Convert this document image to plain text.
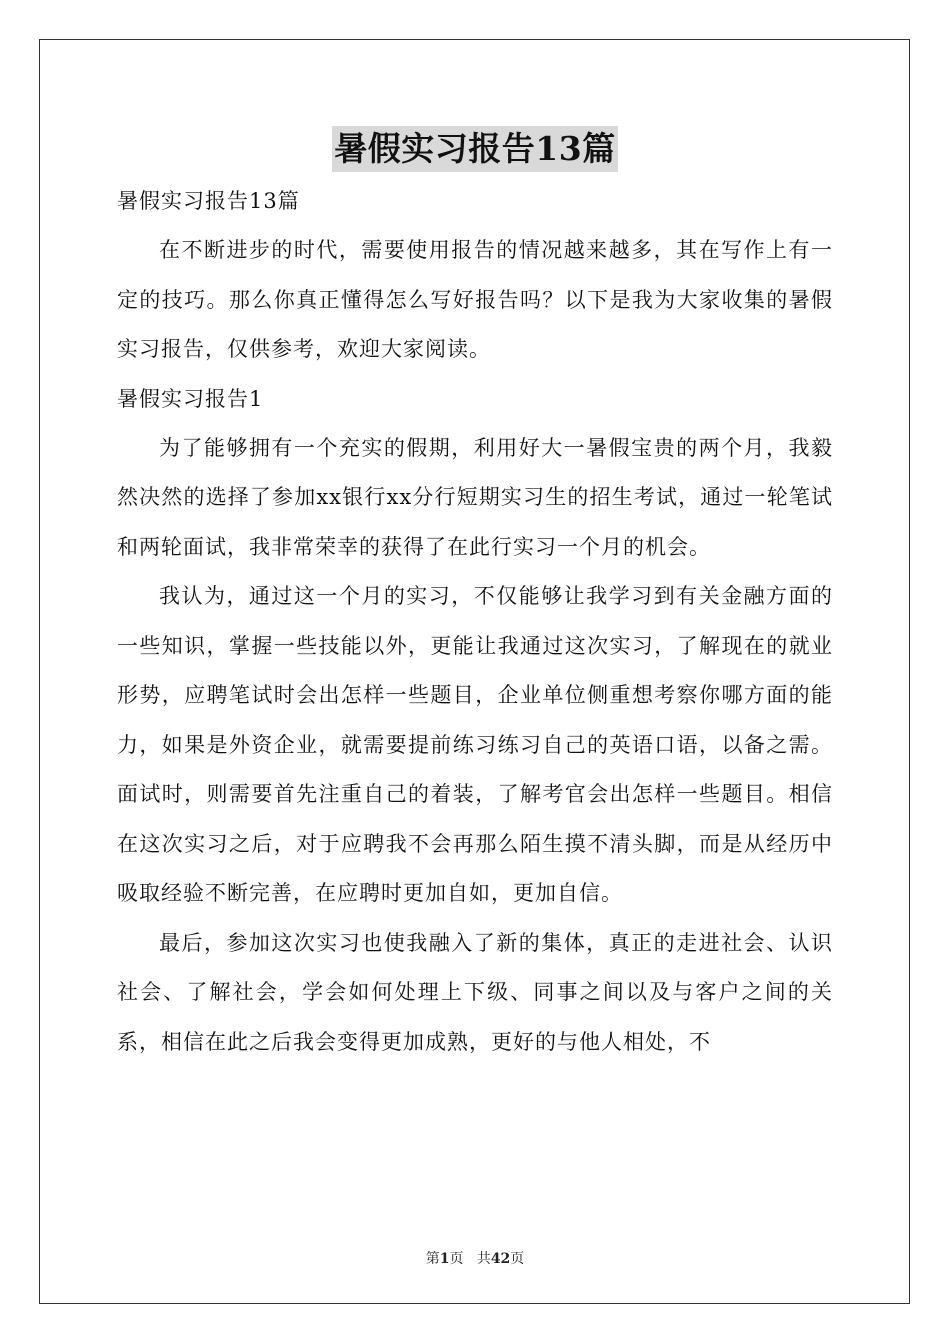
暑假实习报告13篇

暑假实习报告13篇

在不断进步的时代，需要使用报告的情况越来越多，其在写作上有一定的技巧。那么你真正懂得怎么写好报告吗？以下是我为大家收集的暑假实习报告，仅供参考，欢迎大家阅读。

暑假实习报告1

为了能够拥有一个充实的假期，利用好大一暑假宝贵的两个月，我毅然决然的选择了参加xx银行xx分行短期实习生的招生考试，通过一轮笔试和两轮面试，我非常荣幸的获得了在此行实习一个月的机会。

我认为，通过这一个月的实习，不仅能够让我学习到有关金融方面的一些知识，掌握一些技能以外，更能让我通过这次实习，了解现在的就业形势，应聘笔试时会出怎样一些题目，企业单位侧重想考察你哪方面的能力，如果是外资企业，就需要提前练习练习自己的英语口语，以备之需。面试时，则需要首先注重自己的着装，了解考官会出怎样一些题目。相信在这次实习之后，对于应聘我不会再那么陌生摸不清头脚，而是从经历中吸取经验不断完善，在应聘时更加自如，更加自信。

最后，参加这次实习也使我融入了新的集体，真正的走进社会、认识社会、了解社会，学会如何处理上下级、同事之间以及与客户之间的关系，相信在此之后我会变得更加成熟，更好的与他人相处，不

第1页 共42页
